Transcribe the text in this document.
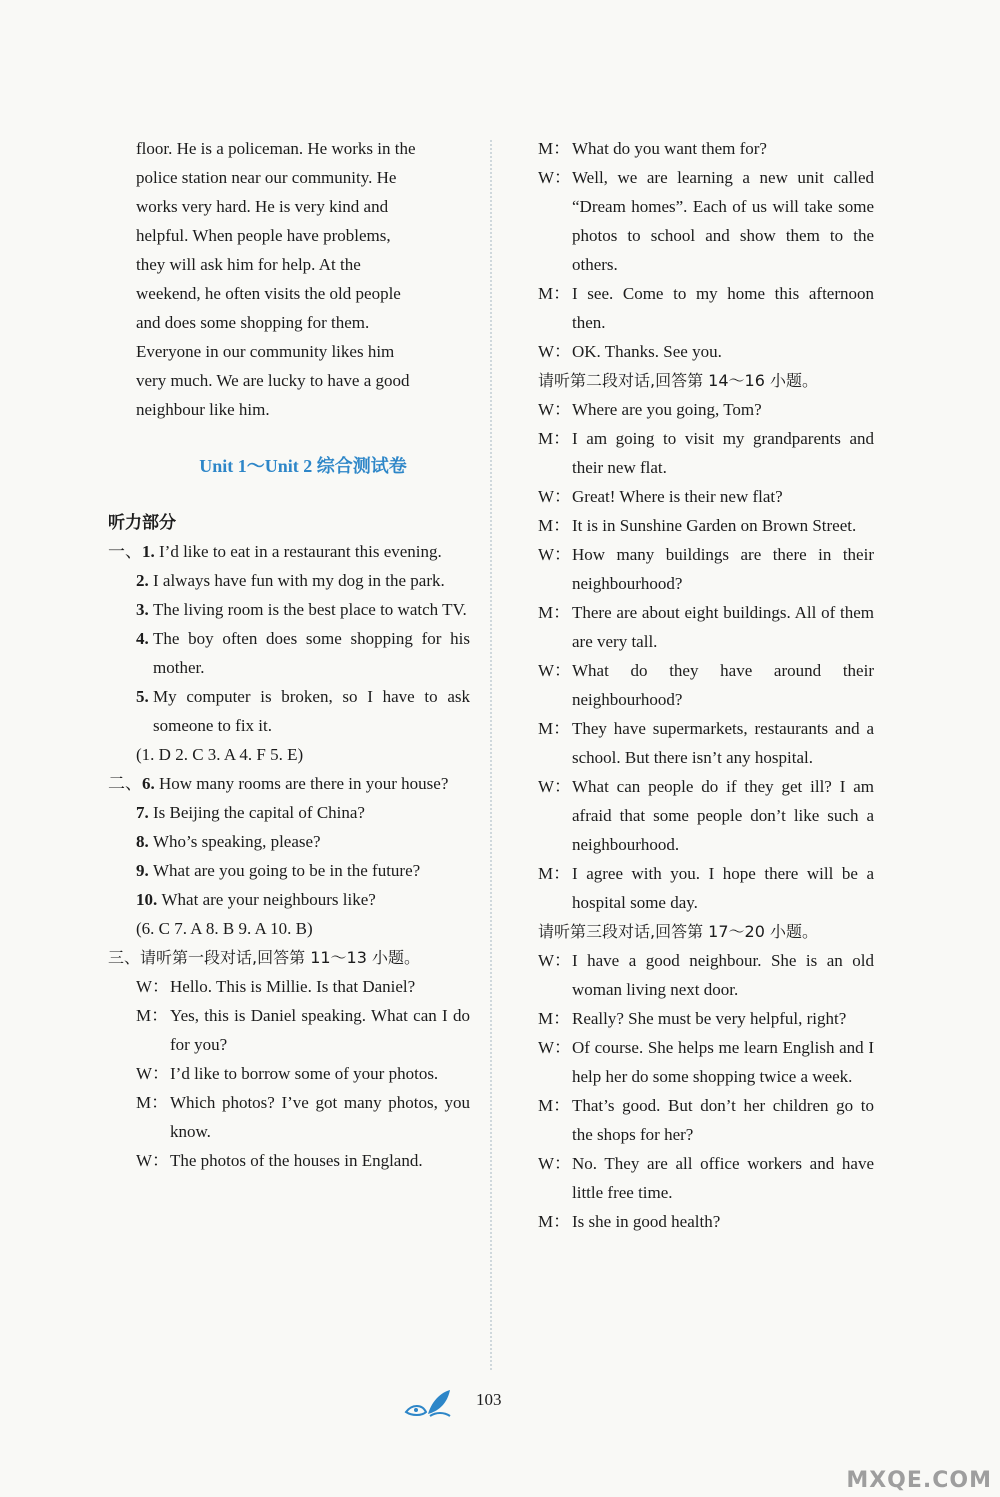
floor. He is a policeman. He works in the
police station near our community. He
works very hard. He is very kind and
helpful. When people have problems,
they will ask him for help. At the
weekend, he often visits the old people
and does some shopping for them.
Everyone in our community likes him
very much. We are lucky to have a good
neighbour like him.
Unit 1～Unit 2 综合测试卷
听力部分
一、1. I’d like to eat in a restaurant this evening.
2. I always have fun with my dog in the park.
3. The living room is the best place to watch TV.
4. The boy often does some shopping for his mother.
5. My computer is broken, so I have to ask someone to fix it.
(1. D 2. C 3. A 4. F 5. E)
二、6. How many rooms are there in your house?
7. Is Beijing the capital of China?
8. Who’s speaking, please?
9. What are you going to be in the future?
10. What are your neighbours like?
(6. C 7. A 8. B 9. A 10. B)
三、请听第一段对话,回答第 11～13 小题。
W： Hello. This is Millie. Is that Daniel?
M： Yes, this is Daniel speaking. What can I do for you?
W： I’d like to borrow some of your photos.
M： Which photos? I’ve got many photos, you know.
W： The photos of the houses in England.
M： What do you want them for?
W： Well, we are learning a new unit called “Dream homes”. Each of us will take some photos to school and show them to the others.
M： I see. Come to my home this afternoon then.
W： OK. Thanks. See you.
请听第二段对话,回答第 14～16 小题。
W： Where are you going, Tom?
M： I am going to visit my grandparents and their new flat.
W： Great! Where is their new flat?
M： It is in Sunshine Garden on Brown Street.
W： How many buildings are there in their neighbourhood?
M： There are about eight buildings. All of them are very tall.
W： What do they have around their neighbourhood?
M： They have supermarkets, restaurants and a school. But there isn’t any hospital.
W： What can people do if they get ill? I am afraid that some people don’t like such a neighbourhood.
M： I agree with you. I hope there will be a hospital some day.
请听第三段对话,回答第 17～20 小题。
W： I have a good neighbour. She is an old woman living next door.
M： Really? She must be very helpful, right?
W： Of course. She helps me learn English and I help her do some shopping twice a week.
M： That’s good. But don’t her children go to the shops for her?
W： No. They are all office workers and have little free time.
M： Is she in good health?
103
MXQE.COM
